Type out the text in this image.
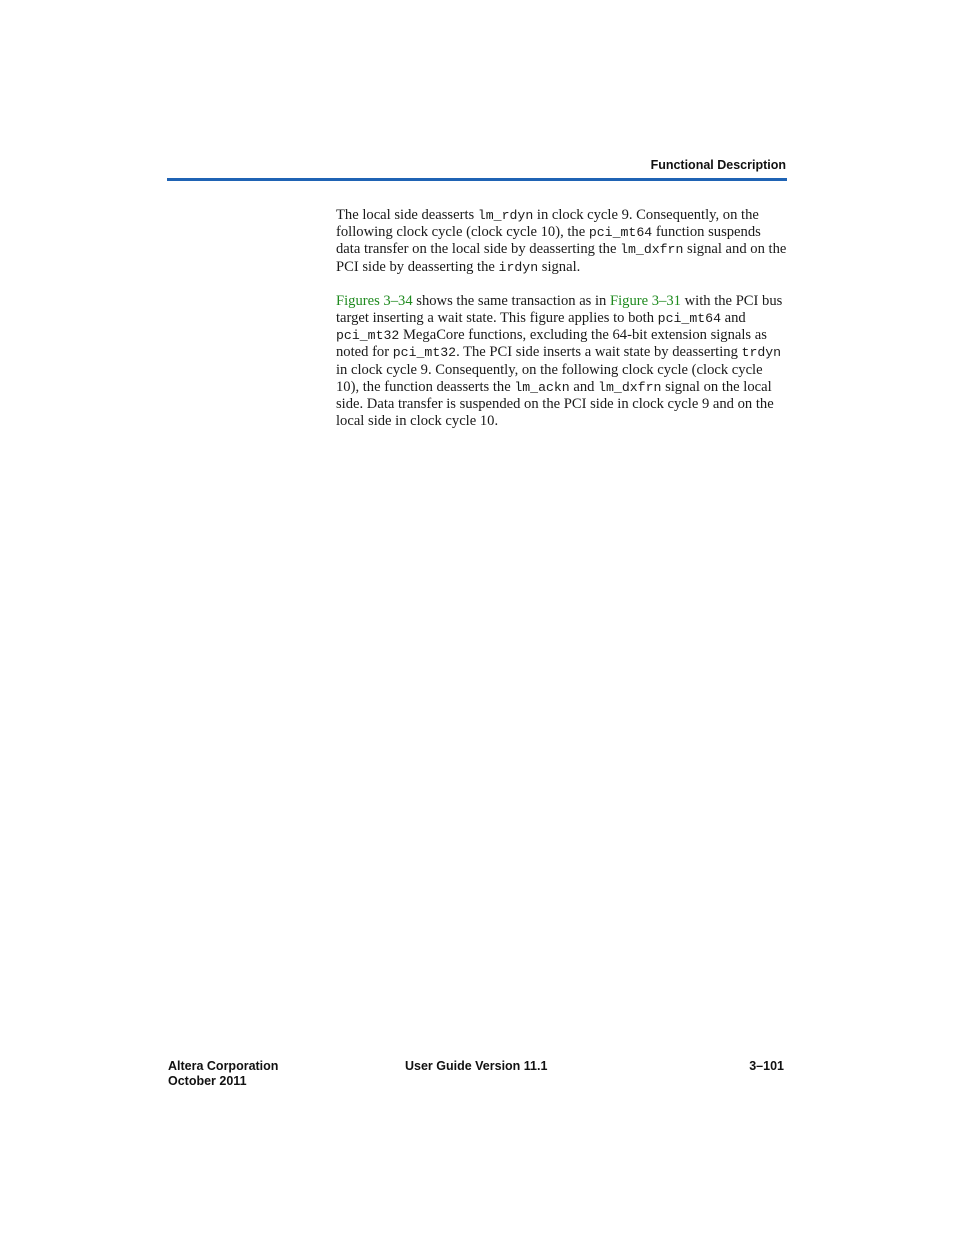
Functional Description

The local side deasserts lm_rdyn in clock cycle 9. Consequently, on the following clock cycle (clock cycle 10), the pci_mt64 function suspends data transfer on the local side by deasserting the lm_dxfrn signal and on the PCI side by deasserting the irdyn signal.

Figures 3–34 shows the same transaction as in Figure 3–31 with the PCI bus target inserting a wait state. This figure applies to both pci_mt64 and pci_mt32 MegaCore functions, excluding the 64-bit extension signals as noted for pci_mt32. The PCI side inserts a wait state by deasserting trdyn in clock cycle 9. Consequently, on the following clock cycle (clock cycle 10), the function deasserts the lm_ackn and lm_dxfrn signal on the local side. Data transfer is suspended on the PCI side in clock cycle 9 and on the local side in clock cycle 10.

Altera Corporation
October 2011
User Guide Version 11.1	3–101
